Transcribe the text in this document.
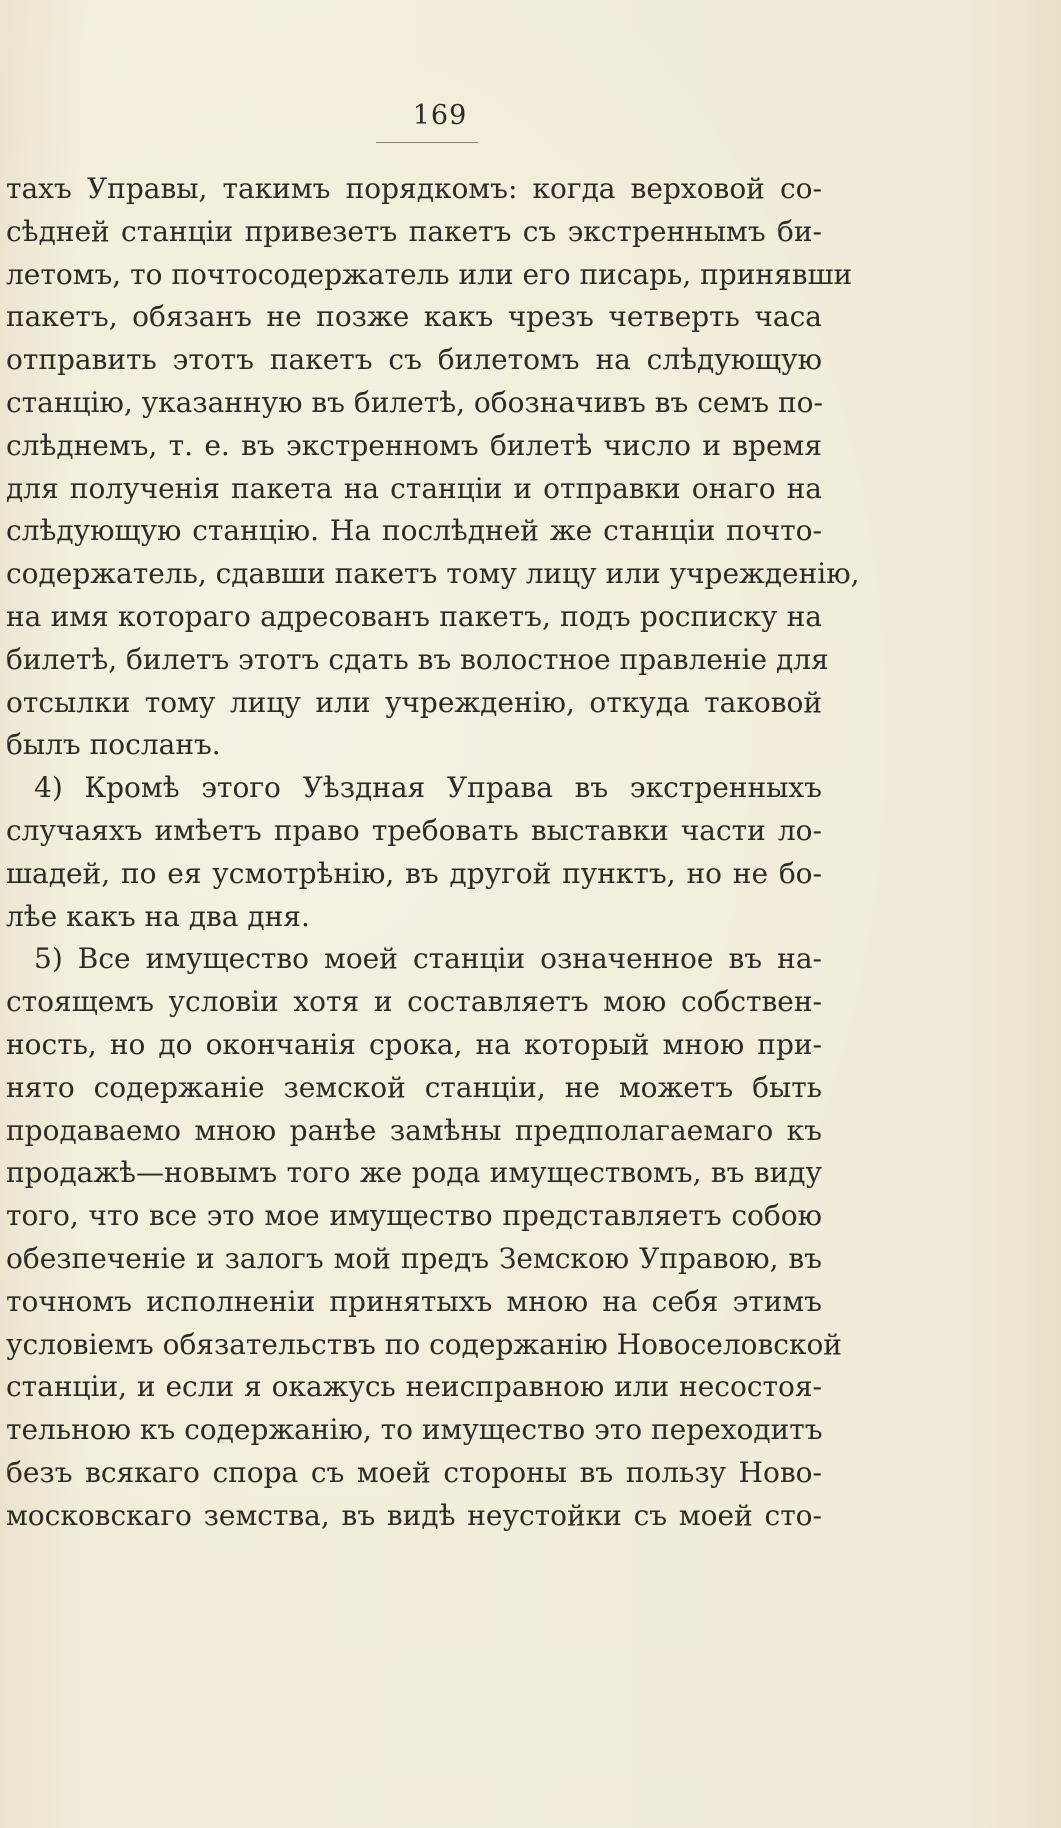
169
тахъ Управы, такимъ порядкомъ: когда верховой со-
сѣдней станціи привезетъ пакетъ съ экстреннымъ би-
летомъ, то почтосодержатель или его писарь, принявши
пакетъ, обязанъ не позже какъ чрезъ четверть часа
отправить этотъ пакетъ съ билетомъ на слѣдующую
станцію, указанную въ билетѣ, обозначивъ въ семъ по-
слѣднемъ, т. е. въ экстренномъ билетѣ число и время
для полученія пакета на станціи и отправки онаго на
слѣдующую станцію. На послѣдней же станціи почто-
содержатель, сдавши пакетъ тому лицу или учрежденію,
на имя котораго адресованъ пакетъ, подъ росписку на
билетѣ, билетъ этотъ сдать въ волостное правленіе для
отсылки тому лицу или учрежденію, откуда таковой
былъ посланъ.
4) Кромѣ этого Уѣздная Управа въ экстренныхъ
случаяхъ имѣетъ право требовать выставки части ло-
шадей, по ея усмотрѣнію, въ другой пунктъ, но не бо-
лѣе какъ на два дня.
5) Все имущество моей станціи означенное въ на-
стоящемъ условіи хотя и составляетъ мою собствен-
ность, но до окончанія срока, на который мною при-
нято содержаніе земской станціи, не можетъ быть
продаваемо мною ранѣе замѣны предполагаемаго къ
продажѣ—новымъ того же рода имуществомъ, въ виду
того, что все это мое имущество представляетъ собою
обезпеченіе и залогъ мой предъ Земскою Управою, въ
точномъ исполненіи принятыхъ мною на себя этимъ
условіемъ обязательствъ по содержанію Новоселовской
станціи, и если я окажусь неисправною или несостоя-
тельною къ содержанію, то имущество это переходитъ
безъ всякаго спора съ моей стороны въ пользу Ново-
московскаго земства, въ видѣ неустойки съ моей сто-
